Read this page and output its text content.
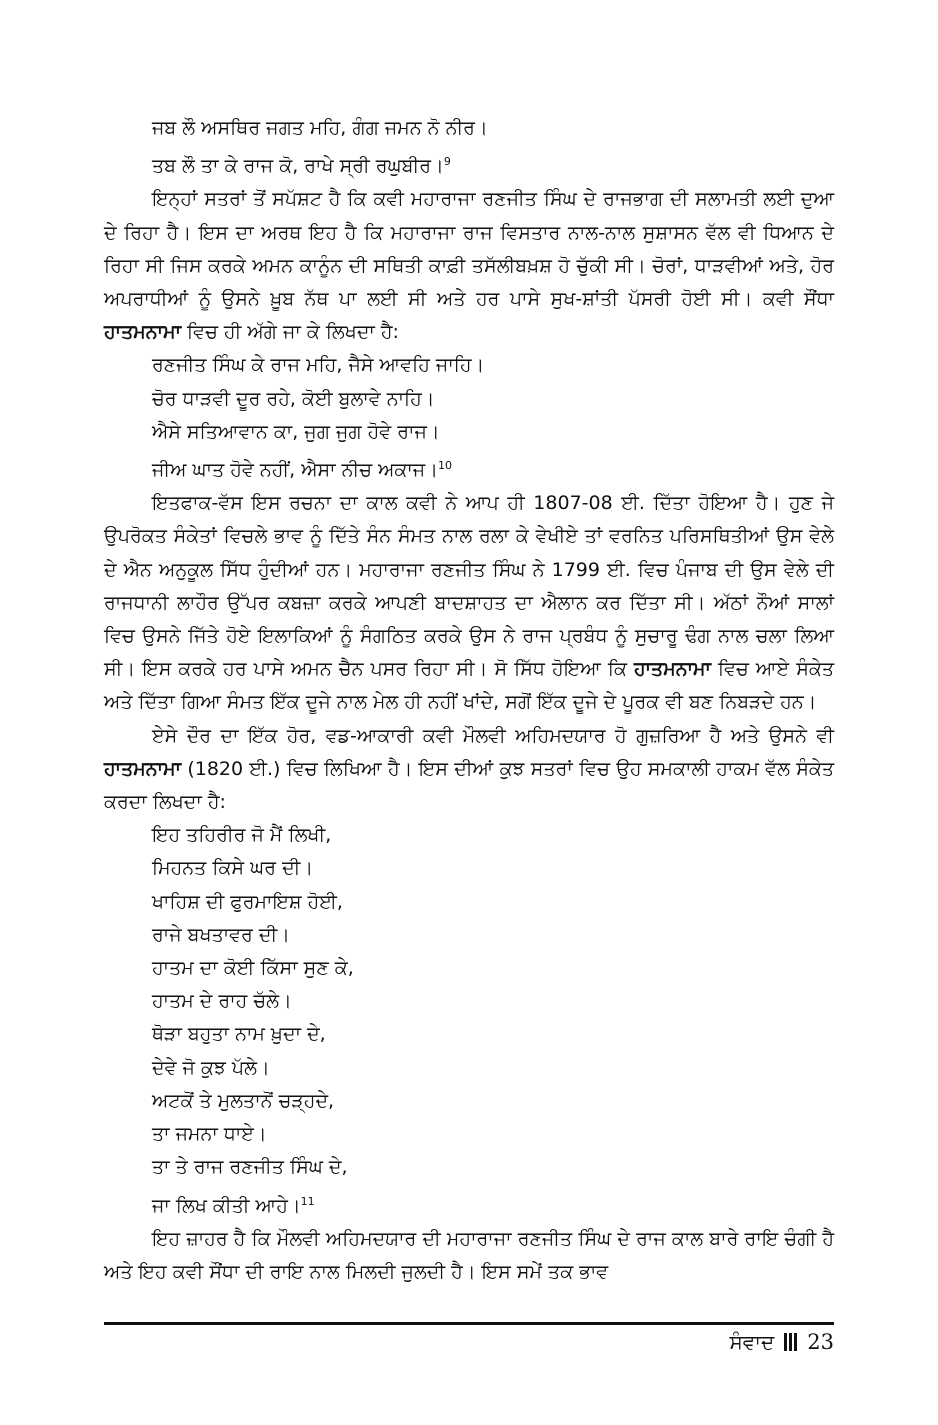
ਜਬ ਲੌ ਅਸਥਿਰ ਜਗਤ ਮਹਿ, ਗੰਗ ਜਮਨ ਨੋ ਨੀਰ।
ਤਬ ਲੌ ਤਾ ਕੇ ਰਾਜ ਕੋ, ਰਾਖੇ ਸ੍ਰੀ ਰਘੁਬੀਰ।$^9$
ਇਨ੍ਹਾਂ ਸਤਰਾਂ ਤੋਂ ਸਪੱਸ਼ਟ ਹੈ ਕਿ ਕਵੀ ਮਹਾਰਾਜਾ ਰਣਜੀਤ ਸਿੰਘ ਦੇ ਰਾਜਭਾਗ ਦੀ ਸਲਾਮਤੀ ਲਈ ਦੁਆ ਦੇ ਰਿਹਾ ਹੈ। ਇਸ ਦਾ ਅਰਥ ਇਹ ਹੈ ਕਿ ਮਹਾਰਾਜਾ ਰਾਜ ਵਿਸਤਾਰ ਨਾਲ-ਨਾਲ ਸੁਸ਼ਾਸਨ ਵੱਲ ਵੀ ਧਿਆਨ ਦੇ ਰਿਹਾ ਸੀ ਜਿਸ ਕਰਕੇ ਅਮਨ ਕਾਨੂੰਨ ਦੀ ਸਥਿਤੀ ਕਾਫ਼ੀ ਤਸੱਲੀਬਖ਼ਸ਼ ਹੋ ਚੁੱਕੀ ਸੀ। ਚੋਰਾਂ, ਧਾੜਵੀਆਂ ਅਤੇ, ਹੋਰ ਅਪਰਾਧੀਆਂ ਨੂੰ ਉਸਨੇ ਖ਼ੂਬ ਨੱਥ ਪਾ ਲਈ ਸੀ ਅਤੇ ਹਰ ਪਾਸੇ ਸੁਖ-ਸ਼ਾਂਤੀ ਪੱਸਰੀ ਹੋਈ ਸੀ। ਕਵੀ ਸੌਂਧਾ ਹਾਤਮਨਾਮਾ ਵਿਚ ਹੀ ਅੱਗੇ ਜਾ ਕੇ ਲਿਖਦਾ ਹੈ:
ਰਣਜੀਤ ਸਿੰਘ ਕੇ ਰਾਜ ਮਹਿ, ਜੈਸੇ ਆਵਹਿ ਜਾਹਿ।
ਚੋਰ ਧਾੜਵੀ ਦੂਰ ਰਹੇ, ਕੋਈ ਬੁਲਾਵੇ ਨਾਹਿ।
ਐਸੇ ਸਤਿਆਵਾਨ ਕਾ, ਜੁਗ ਜੁਗ ਹੋਵੇ ਰਾਜ।
ਜੀਅ ਘਾਤ ਹੋਵੇ ਨਹੀਂ, ਐਸਾ ਨੀਚ ਅਕਾਜ।$^{10}$
ਇਤਫਾਕ-ਵੱਸ ਇਸ ਰਚਨਾ ਦਾ ਕਾਲ ਕਵੀ ਨੇ ਆਪ ਹੀ 1807-08 ਈ. ਦਿੱਤਾ ਹੋਇਆ ਹੈ। ਹੁਣ ਜੇ ਉਪਰੋਕਤ ਸੰਕੇਤਾਂ ਵਿਚਲੇ ਭਾਵ ਨੂੰ ਦਿੱਤੇ ਸੰਨ ਸੰਮਤ ਨਾਲ ਰਲਾ ਕੇ ਵੇਖੀਏ ਤਾਂ ਵਰਨਿਤ ਪਰਿਸਥਿਤੀਆਂ ਉਸ ਵੇਲੇ ਦੇ ਐਨ ਅਨੁਕੂਲ ਸਿੱਧ ਹੁੰਦੀਆਂ ਹਨ। ਮਹਾਰਾਜਾ ਰਣਜੀਤ ਸਿੰਘ ਨੇ 1799 ਈ. ਵਿਚ ਪੰਜਾਬ ਦੀ ਉਸ ਵੇਲੇ ਦੀ ਰਾਜਧਾਨੀ ਲਾਹੌਰ ਉੱਪਰ ਕਬਜ਼ਾ ਕਰਕੇ ਆਪਣੀ ਬਾਦਸ਼ਾਹਤ ਦਾ ਐਲਾਨ ਕਰ ਦਿੱਤਾ ਸੀ। ਅੱਠਾਂ ਨੌਆਂ ਸਾਲਾਂ ਵਿਚ ਉਸਨੇ ਜਿੱਤੇ ਹੋਏ ਇਲਾਕਿਆਂ ਨੂੰ ਸੰਗਠਿਤ ਕਰਕੇ ਉਸ ਨੇ ਰਾਜ ਪ੍ਰਬੰਧ ਨੂੰ ਸੁਚਾਰੂ ਢੰਗ ਨਾਲ ਚਲਾ ਲਿਆ ਸੀ। ਇਸ ਕਰਕੇ ਹਰ ਪਾਸੇ ਅਮਨ ਚੈਨ ਪਸਰ ਰਿਹਾ ਸੀ। ਸੋ ਸਿੱਧ ਹੋਇਆ ਕਿ ਹਾਤਮਨਾਮਾ ਵਿਚ ਆਏ ਸੰਕੇਤ ਅਤੇ ਦਿੱਤਾ ਗਿਆ ਸੰਮਤ ਇੱਕ ਦੂਜੇ ਨਾਲ ਮੇਲ ਹੀ ਨਹੀਂ ਖਾਂਦੇ, ਸਗੋਂ ਇੱਕ ਦੂਜੇ ਦੇ ਪੂਰਕ ਵੀ ਬਣ ਨਿਬੜਦੇ ਹਨ।
ਏਸੇ ਦੌਰ ਦਾ ਇੱਕ ਹੋਰ, ਵਡ-ਆਕਾਰੀ ਕਵੀ ਮੌਲਵੀ ਅਹਿਮਦਯਾਰ ਹੋ ਗੁਜ਼ਰਿਆ ਹੈ ਅਤੇ ਉਸਨੇ ਵੀ ਹਾਤਮਨਾਮਾ (1820 ਈ.) ਵਿਚ ਲਿਖਿਆ ਹੈ। ਇਸ ਦੀਆਂ ਕੁਝ ਸਤਰਾਂ ਵਿਚ ਉਹ ਸਮਕਾਲੀ ਹਾਕਮ ਵੱਲ ਸੰਕੇਤ ਕਰਦਾ ਲਿਖਦਾ ਹੈ:
ਇਹ ਤਹਿਰੀਰ ਜੋ ਮੈਂ ਲਿਖੀ,
ਮਿਹਨਤ ਕਿਸੇ ਘਰ ਦੀ।
ਖਾਹਿਸ਼ ਦੀ ਫੁਰਮਾਇਸ਼ ਹੋਈ,
ਰਾਜੇ ਬਖਤਾਵਰ ਦੀ।
ਹਾਤਮ ਦਾ ਕੋਈ ਕਿੱਸਾ ਸੁਣ ਕੇ,
ਹਾਤਮ ਦੇ ਰਾਹ ਚੱਲੇ।
ਥੋੜਾ ਬਹੁਤਾ ਨਾਮ ਖ਼ੁਦਾ ਦੇ,
ਦੇਵੇ ਜੋ ਕੁਝ ਪੱਲੇ।
ਅਟਕੋਂ ਤੇ ਮੁਲਤਾਨੋਂ ਚੜ੍ਹਦੇ,
ਤਾ ਜਮਨਾ ਧਾਏ।
ਤਾ ਤੇ ਰਾਜ ਰਣਜੀਤ ਸਿੰਘ ਦੇ,
ਜਾ ਲਿਖ ਕੀਤੀ ਆਹੇ।$^{11}$
ਇਹ ਜ਼ਾਹਰ ਹੈ ਕਿ ਮੌਲਵੀ ਅਹਿਮਦਯਾਰ ਦੀ ਮਹਾਰਾਜਾ ਰਣਜੀਤ ਸਿੰਘ ਦੇ ਰਾਜ ਕਾਲ ਬਾਰੇ ਰਾਇ ਚੰਗੀ ਹੈ ਅਤੇ ਇਹ ਕਵੀ ਸੌਂਧਾ ਦੀ ਰਾਇ ਨਾਲ ਮਿਲਦੀ ਜੁਲਦੀ ਹੈ। ਇਸ ਸਮੇਂ ਤਕ ਭਾਵ
ਸੰਵਾਦ 23
